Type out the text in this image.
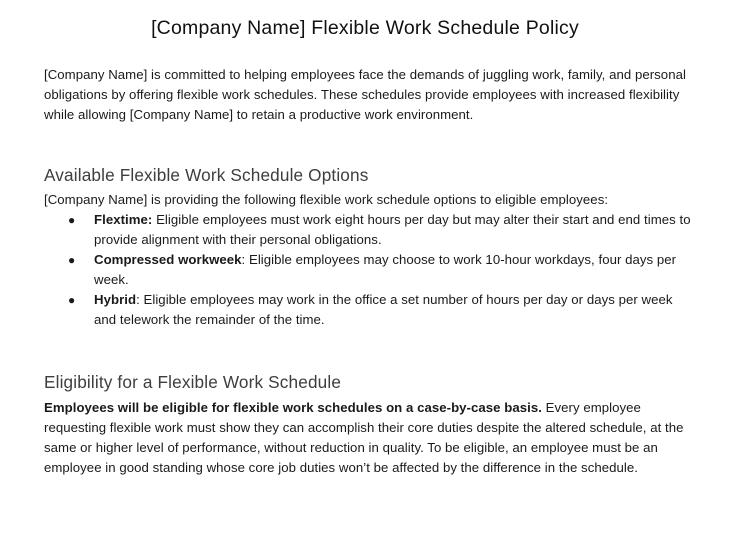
[Company Name] Flexible Work Schedule Policy

[Company Name] is committed to helping employees face the demands of juggling work, family, and personal obligations by offering flexible work schedules. These schedules provide employees with increased flexibility while allowing [Company Name] to retain a productive work environment.

Available Flexible Work Schedule Options

[Company Name] is providing the following flexible work schedule options to eligible employees:

● Flextime: Eligible employees must work eight hours per day but may alter their start and end times to provide alignment with their personal obligations.
● Compressed workweek: Eligible employees may choose to work 10-hour workdays, four days per week.
● Hybrid: Eligible employees may work in the office a set number of hours per day or days per week and telework the remainder of the time.
Eligibility for a Flexible Work Schedule

Employees will be eligible for flexible work schedules on a case-by-case basis. Every employee requesting flexible work must show they can accomplish their core duties despite the altered schedule, at the same or higher level of performance, without reduction in quality. To be eligible, an employee must be an employee in good standing whose core job duties won’t be affected by the difference in the schedule.
